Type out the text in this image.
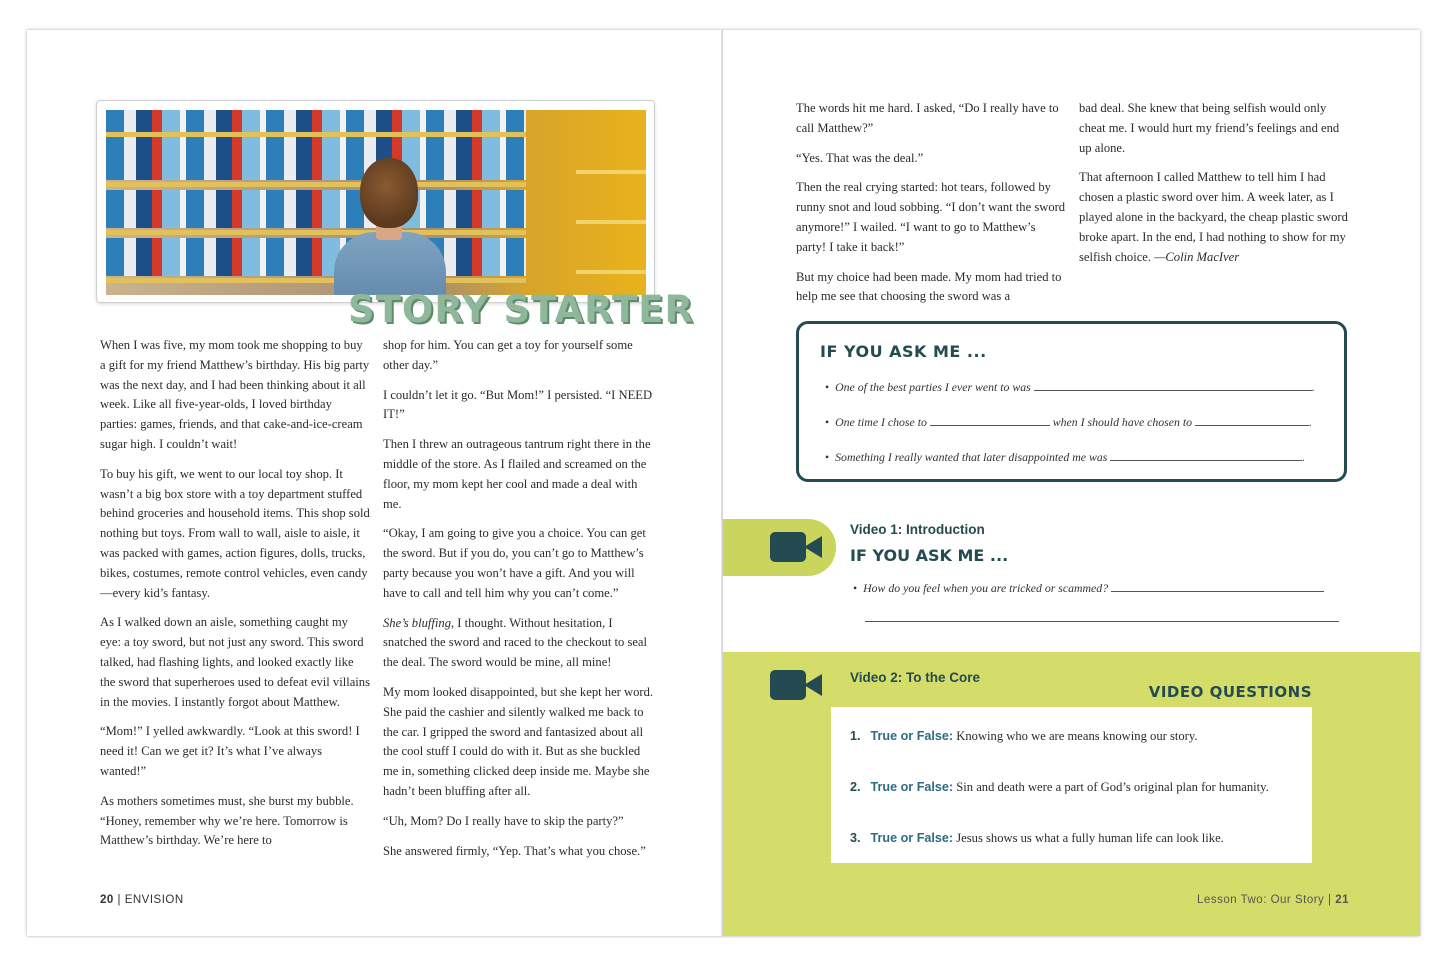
STORY STARTER

When I was five, my mom took me shopping to buy a gift for my friend Matthew’s birthday. His big party was the next day, and I had been thinking about it all week. Like all five-year-olds, I loved birthday parties: games, friends, and that cake-and-ice-cream sugar high. I couldn’t wait!

To buy his gift, we went to our local toy shop. It wasn’t a big box store with a toy department stuffed behind groceries and household items. This shop sold nothing but toys. From wall to wall, aisle to aisle, it was packed with games, action figures, dolls, trucks, bikes, costumes, remote control vehicles, even candy—every kid’s fantasy.

As I walked down an aisle, something caught my eye: a toy sword, but not just any sword. This sword talked, had flashing lights, and looked exactly like the sword that superheroes used to defeat evil villains in the movies. I instantly forgot about Matthew.

“Mom!” I yelled awkwardly. “Look at this sword! I need it! Can we get it? It’s what I’ve always wanted!”

As mothers sometimes must, she burst my bubble. “Honey, remember why we’re here. Tomorrow is Matthew’s birthday. We’re here to

shop for him. You can get a toy for yourself some other day.”

I couldn’t let it go. “But Mom!” I persisted. “I NEED IT!”

Then I threw an outrageous tantrum right there in the middle of the store. As I flailed and screamed on the floor, my mom kept her cool and made a deal with me.

“Okay, I am going to give you a choice. You can get the sword. But if you do, you can’t go to Matthew’s party because you won’t have a gift. And you will have to call and tell him why you can’t come.”

She’s bluffing, I thought. Without hesitation, I snatched the sword and raced to the checkout to seal the deal. The sword would be mine, all mine!

My mom looked disappointed, but she kept her word. She paid the cashier and silently walked me back to the car. I gripped the sword and fantasized about all the cool stuff I could do with it. But as she buckled me in, something clicked deep inside me. Maybe she hadn’t been bluffing after all.

“Uh, Mom? Do I really have to skip the party?”

She answered firmly, “Yep. That’s what you chose.”

20 | ENVISION

The words hit me hard. I asked, “Do I really have to call Matthew?”

“Yes. That was the deal.”

Then the real crying started: hot tears, followed by runny snot and loud sobbing. “I don’t want the sword anymore!” I wailed. “I want to go to Matthew’s party! I take it back!”

But my choice had been made. My mom had tried to help me see that choosing the sword was a

bad deal. She knew that being selfish would only cheat me. I would hurt my friend’s feelings and end up alone.

That afternoon I called Matthew to tell him I had chosen a plastic sword over him. A week later, as I played alone in the backyard, the cheap plastic sword broke apart. In the end, I had nothing to show for my selfish choice. —Colin MacIver

IF YOU ASK ME ...
• One of the best parties I ever went to was	.
• One time I chose to	when I should have chosen to	.
• Something I really wanted that later disappointed me was	.
Video 1: Introduction
IF YOU ASK ME ...
• How do you feel when you are tricked or scammed?
Video 2: To the Core
VIDEO QUESTIONS
1. True or False: Knowing who we are means knowing our story.
2. True or False: Sin and death were a part of God’s original plan for humanity.
3. True or False: Jesus shows us what a fully human life can look like.
Lesson Two: Our Story | 21
